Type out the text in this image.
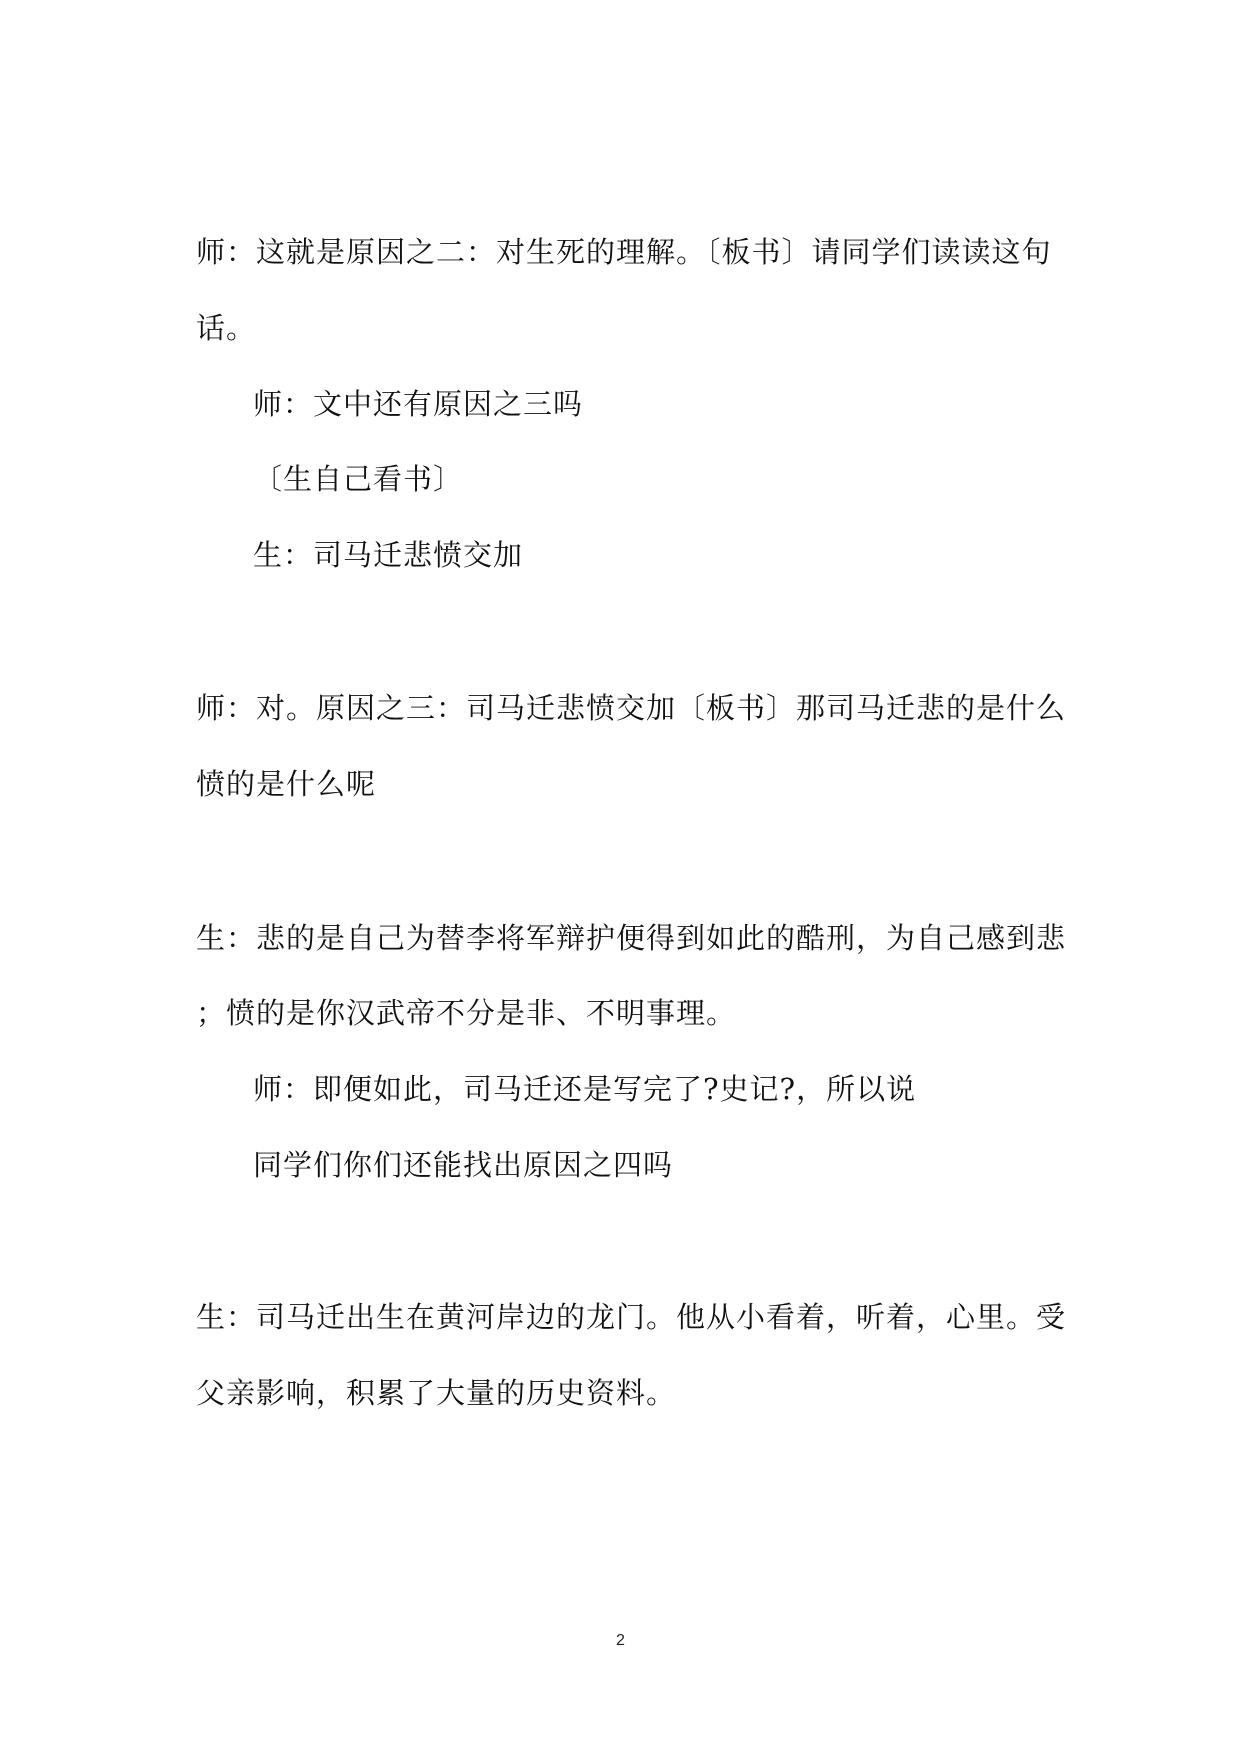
师：这就是原因之二：对生死的理解。〔板书〕请同学们读读这句
话。
师：文中还有原因之三吗
〔生自己看书〕
生：司马迁悲愤交加
师：对。原因之三：司马迁悲愤交加〔板书〕那司马迁悲的是什么
愤的是什么呢
生：悲的是自己为替李将军辩护便得到如此的酷刑，为自己感到悲
；愤的是你汉武帝不分是非、不明事理。
师：即便如此，司马迁还是写完了?史记?，所以说
同学们你们还能找出原因之四吗
生：司马迁出生在黄河岸边的龙门。他从小看着，听着，心里。受
父亲影响，积累了大量的历史资料。
2
